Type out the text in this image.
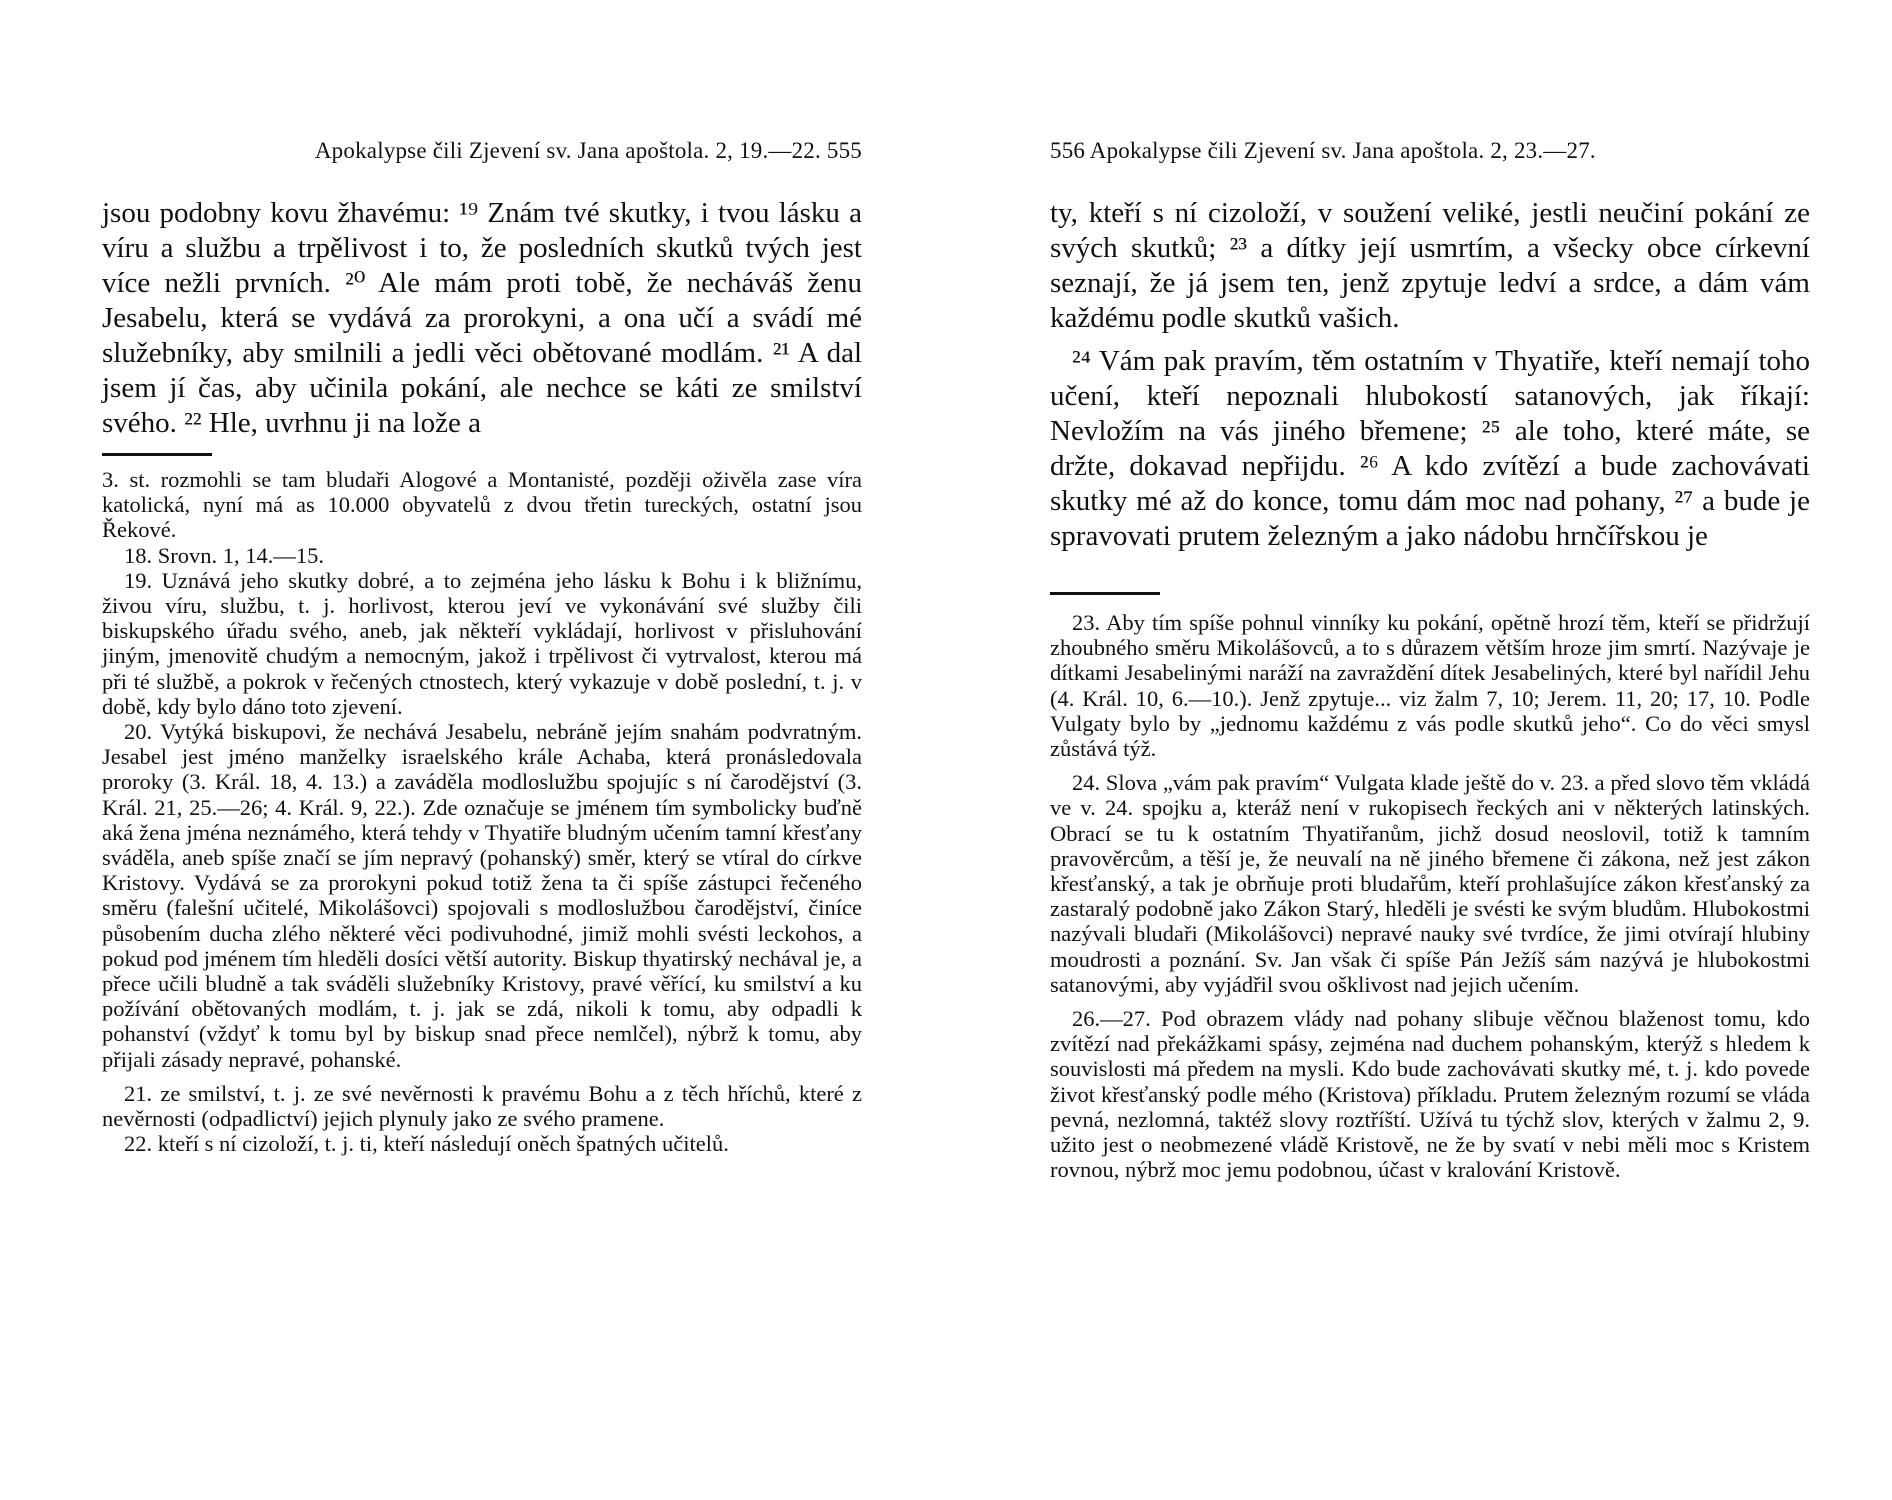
Apokalypse čili Zjevení sv. Jana apoštola. 2, 19.—22. 555

jsou podobny kovu žhavému: ¹⁹ Znám tvé skutky, i tvou lásku a víru a službu a trpělivost i to, že posledních skutků tvých jest více nežli prvních. ²⁰ Ale mám proti tobě, že necháváš ženu Jesabelu, která se vydává za prorokyni, a ona učí a svádí mé služebníky, aby smilnili a jedli věci obětované modlám. ²¹ A dal jsem jí čas, aby učinila pokání, ale nechce se káti ze smilství svého. ²² Hle, uvrhnu ji na lože a

3. st. rozmohli se tam bludaři Alogové a Montanisté, později oživěla zase víra katolická, nyní má as 10.000 obyvatelů z dvou třetin tureckých, ostatní jsou Řekové.

18. Srovn. 1, 14.—15.

19. Uznává jeho skutky dobré, a to zejména jeho lásku k Bohu i k bližnímu, živou víru, službu, t. j. horlivost, kterou jeví ve vykonávání své služby čili biskupského úřadu svého, aneb, jak někteří vykládají, horlivost v přisluhování jiným, jmenovitě chudým a nemocným, jakož i trpělivost či vytrvalost, kterou má při té službě, a pokrok v řečených ctnostech, který vykazuje v době poslední, t. j. v době, kdy bylo dáno toto zjevení.

20. Vytýká biskupovi, že nechává Jesabelu, nebráně jejím snahám podvratným. Jesabel jest jméno manželky israelského krále Achaba, která pronásledovala proroky (3. Král. 18, 4. 13.) a zaváděla modloslužbu spojujíc s ní čarodějství (3. Král. 21, 25.—26; 4. Král. 9, 22.). Zde označuje se jménem tím symbolicky buďně aká žena jména neznámého, která tehdy v Thyatiře bludným učením tamní křesťany sváděla, aneb spíše značí se jím nepravý (pohanský) směr, který se vtíral do církve Kristovy. Vydává se za prorokyni pokud totiž žena ta či spíše zástupci řečeného směru (falešní učitelé, Mikolášovci) spojovali s modloslužbou čarodějství, činíce působením ducha zlého některé věci podivuhodné, jimiž mohli svésti leckohos, a pokud pod jménem tím hleděli dosíci větší autority. Biskup thyatirský nechával je, a přece učili bludně a tak sváděli služebníky Kristovy, pravé věřící, ku smilství a ku požívání obětovaných modlám, t. j. jak se zdá, nikoli k tomu, aby odpadli k pohanství (vždyť k tomu byl by biskup snad přece nemlčel), nýbrž k tomu, aby přijali zásady nepravé, pohanské.

21. ze smilství, t. j. ze své nevěrnosti k pravému Bohu a z těch hříchů, které z nevěrnosti (odpadlictví) jejich plynuly jako ze svého pramene.

22. kteří s ní cizoloží, t. j. ti, kteří následují oněch špatných učitelů.

556 Apokalypse čili Zjevení sv. Jana apoštola. 2, 23.—27.

ty, kteří s ní cizoloží, v soužení veliké, jestli neučiní pokání ze svých skutků; ²³ a dítky její usmrtím, a všecky obce církevní seznají, že já jsem ten, jenž zpytuje ledví a srdce, a dám vám každému podle skutků vašich.

²⁴ Vám pak pravím, těm ostatním v Thyatiře, kteří nemají toho učení, kteří nepoznali hlubokostí satanových, jak říkají: Nevložím na vás jiného břemene; ²⁵ ale toho, které máte, se držte, dokavad nepřijdu. ²⁶ A kdo zvítězí a bude zachovávati skutky mé až do konce, tomu dám moc nad pohany, ²⁷ a bude je spravovati prutem železným a jako nádobu hrnčířskou je

23. Aby tím spíše pohnul vinníky ku pokání, opětně hrozí těm, kteří se přidržují zhoubného směru Mikolášovců, a to s důrazem větším hroze jim smrtí. Nazývaje je dítkami Jesabelinými naráží na zavraždění dítek Jesabeliných, které byl nařídil Jehu (4. Král. 10, 6.—10.). Jenž zpytuje... viz žalm 7, 10; Jerem. 11, 20; 17, 10. Podle Vulgaty bylo by „jednomu každému z vás podle skutků jeho“. Co do věci smysl zůstává týž.

24. Slova „vám pak pravím“ Vulgata klade ještě do v. 23. a před slovo těm vkládá ve v. 24. spojku a, kteráž není v rukopisech řeckých ani v některých latinských. Obrací se tu k ostatním Thyatiřanům, jichž dosud neoslovil, totiž k tamním pravověrcům, a těší je, že neuvalí na ně jiného břemene či zákona, než jest zákon křesťanský, a tak je obrňuje proti bludařům, kteří prohlašujíce zákon křesťanský za zastaralý podobně jako Zákon Starý, hleděli je svésti ke svým bludům. Hlubokostmi nazývali bludaři (Mikolášovci) nepravé nauky své tvrdíce, že jimi otvírají hlubiny moudrosti a poznání. Sv. Jan však či spíše Pán Ježíš sám nazývá je hlubokostmi satanovými, aby vyjádřil svou ošklivost nad jejich učením.

26.—27. Pod obrazem vlády nad pohany slibuje věčnou blaženost tomu, kdo zvítězí nad překážkami spásy, zejména nad duchem pohanským, kterýž s hledem k souvislosti má předem na mysli. Kdo bude zachovávati skutky mé, t. j. kdo povede život křesťanský podle mého (Kristova) příkladu. Prutem železným rozumí se vláda pevná, nezlomná, taktéž slovy roztříští. Užívá tu týchž slov, kterých v žalmu 2, 9. užito jest o neobmezené vládě Kristově, ne že by svatí v nebi měli moc s Kristem rovnou, nýbrž moc jemu podobnou, účast v kralování Kristově.
